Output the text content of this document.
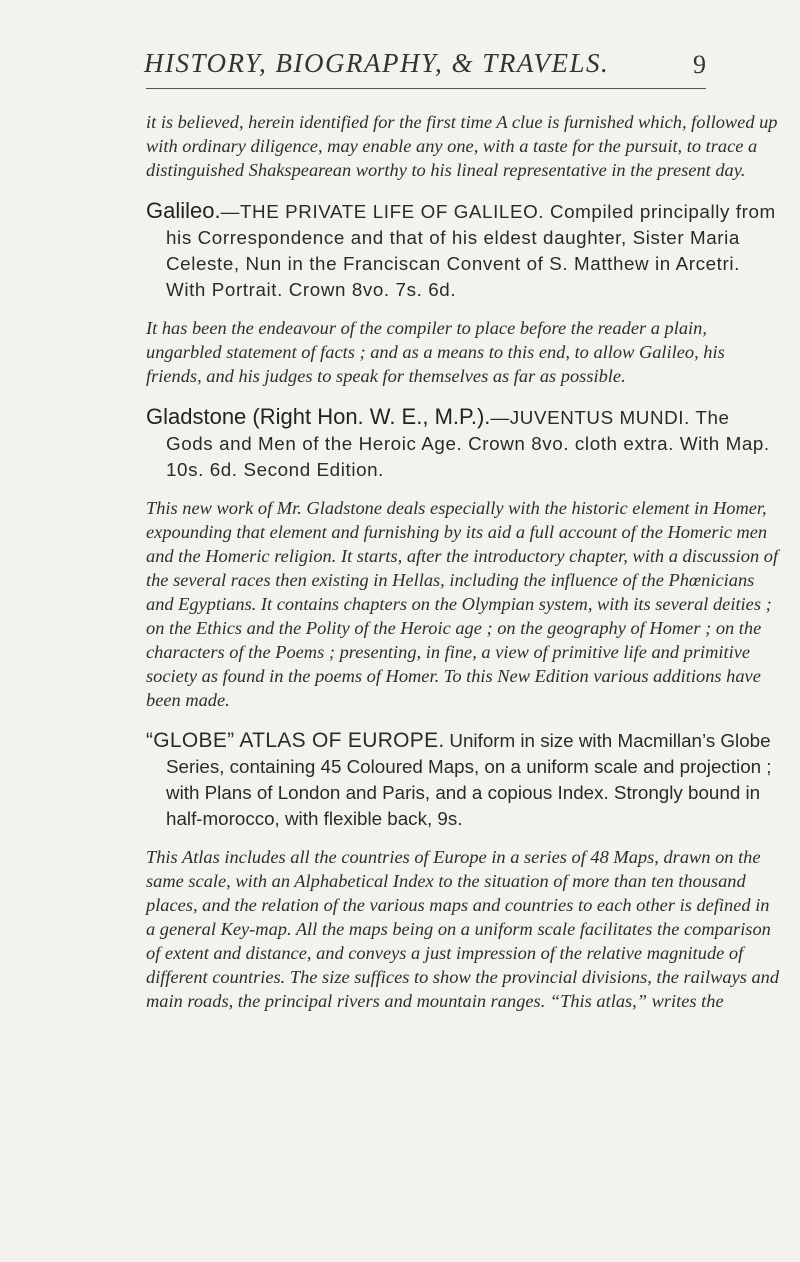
HISTORY, BIOGRAPHY, & TRAVELS.	9

it is believed, herein identified for the first time A clue is furnished which, followed up with ordinary diligence, may enable any one, with a taste for the pursuit, to trace a distinguished Shakspearean worthy to his lineal representative in the present day.

Galileo.—THE PRIVATE LIFE OF GALILEO. Compiled principally from his Correspondence and that of his eldest daughter, Sister Maria Celeste, Nun in the Franciscan Convent of S. Matthew in Arcetri. With Portrait. Crown 8vo. 7s. 6d.

It has been the endeavour of the compiler to place before the reader a plain, ungarbled statement of facts ; and as a means to this end, to allow Galileo, his friends, and his judges to speak for themselves as far as possible.

Gladstone (Right Hon. W. E., M.P.).—JUVENTUS MUNDI. The Gods and Men of the Heroic Age. Crown 8vo. cloth extra. With Map. 10s. 6d. Second Edition.

This new work of Mr. Gladstone deals especially with the historic element in Homer, expounding that element and furnishing by its aid a full account of the Homeric men and the Homeric religion. It starts, after the introductory chapter, with a discussion of the several races then existing in Hellas, including the influence of the Phœnicians and Egyptians. It contains chapters on the Olympian system, with its several deities ; on the Ethics and the Polity of the Heroic age ; on the geography of Homer ; on the characters of the Poems ; presenting, in fine, a view of primitive life and primitive society as found in the poems of Homer. To this New Edition various additions have been made.

“GLOBE” ATLAS OF EUROPE. Uniform in size with Macmillan’s Globe Series, containing 45 Coloured Maps, on a uniform scale and projection ; with Plans of London and Paris, and a copious Index. Strongly bound in half-morocco, with flexible back, 9s.

This Atlas includes all the countries of Europe in a series of 48 Maps, drawn on the same scale, with an Alphabetical Index to the situation of more than ten thousand places, and the relation of the various maps and countries to each other is defined in a general Key-map. All the maps being on a uniform scale facilitates the comparison of extent and distance, and conveys a just impression of the relative magnitude of different countries. The size suffices to show the provincial divisions, the railways and main roads, the principal rivers and mountain ranges. “This atlas,” writes the
